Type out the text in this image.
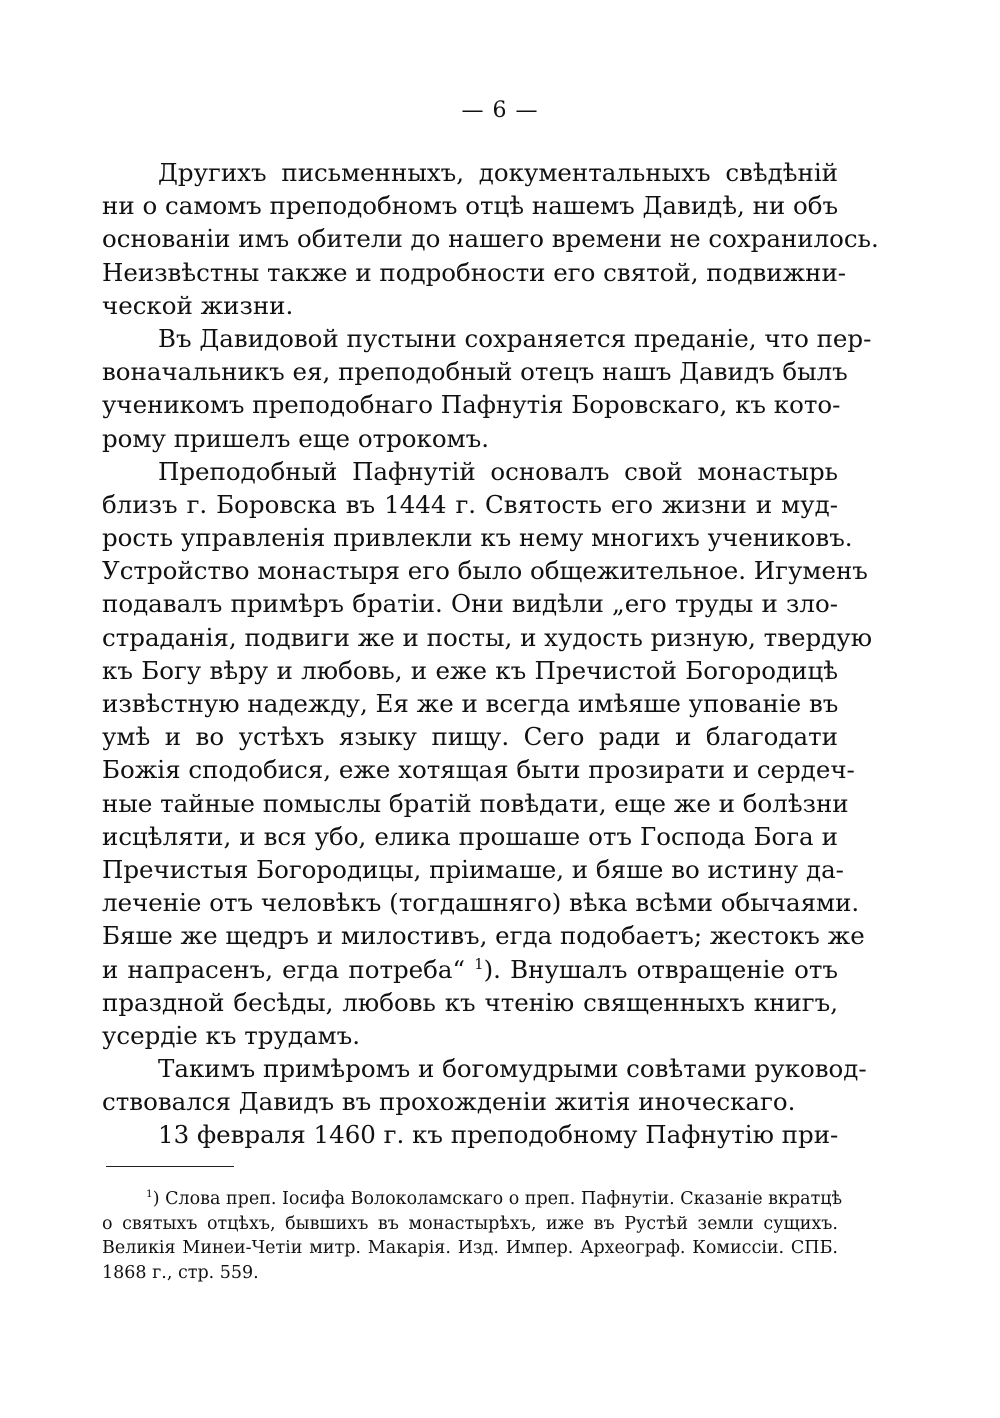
— 6 —
Другихъ письменныхъ, документальныхъ свѣдѣній
ни о самомъ преподобномъ отцѣ нашемъ Давидѣ, ни объ
основаніи имъ обители до нашего времени не сохранилось.
Неизвѣстны также и подробности его святой, подвижни-
ческой жизни.
Въ Давидовой пустыни сохраняется преданіе, что пер-
воначальникъ ея, преподобный отецъ нашъ Давидъ былъ
ученикомъ преподобнаго Пафнутія Боровскаго, къ кото-
рому пришелъ еще отрокомъ.
Преподобный Пафнутій основалъ свой монастырь
близъ г. Боровска въ 1444 г. Святость его жизни и муд-
рость управленія привлекли къ нему многихъ учениковъ.
Устройство монастыря его было общежительное. Игуменъ
подавалъ примѣръ братіи. Они видѣли „его труды и зло-
страданія, подвиги же и посты, и худость ризную, твердую
къ Богу вѣру и любовь, и еже къ Пречистой Богородицѣ
извѣстную надежду, Ея же и всегда имѣяше упованіе въ
умѣ и во устѣхъ языку пищу. Сего ради и благодати
Божія сподобися, еже хотящая быти прозирати и сердеч-
ные тайные помыслы братій повѣдати, еще же и болѣзни
исцѣляти, и вся убо, елика прошаше отъ Господа Бога и
Пречистыя Богородицы, пріимаше, и бяше во истину да-
леченіе отъ человѣкъ (тогдашняго) вѣка всѣми обычаями.
Бяше же щедръ и милостивъ, егда подобаетъ; жестокъ же
и напрасенъ, егда потреба“ $^1$). Внушалъ отвращеніе отъ
праздной бесѣды, любовь къ чтенію священныхъ книгъ,
усердіе къ трудамъ.
Такимъ примѣромъ и богомудрыми совѣтами руковод-
ствовался Давидъ въ прохожденіи житія иноческаго.
13 февраля 1460 г. къ преподобному Пафнутію при-
$^1$) Слова преп. Іосифа Волоколамскаго о преп. Пафнутіи. Сказаніе вкратцѣ
о святыхъ отцѣхъ, бывшихъ въ монастырѣхъ, иже въ Рустѣй земли сущихъ.
Великія Минеи-Четіи митр. Макарія. Изд. Импер. Археограф. Комиссіи. СПБ.
1868 г., стр. 559.
